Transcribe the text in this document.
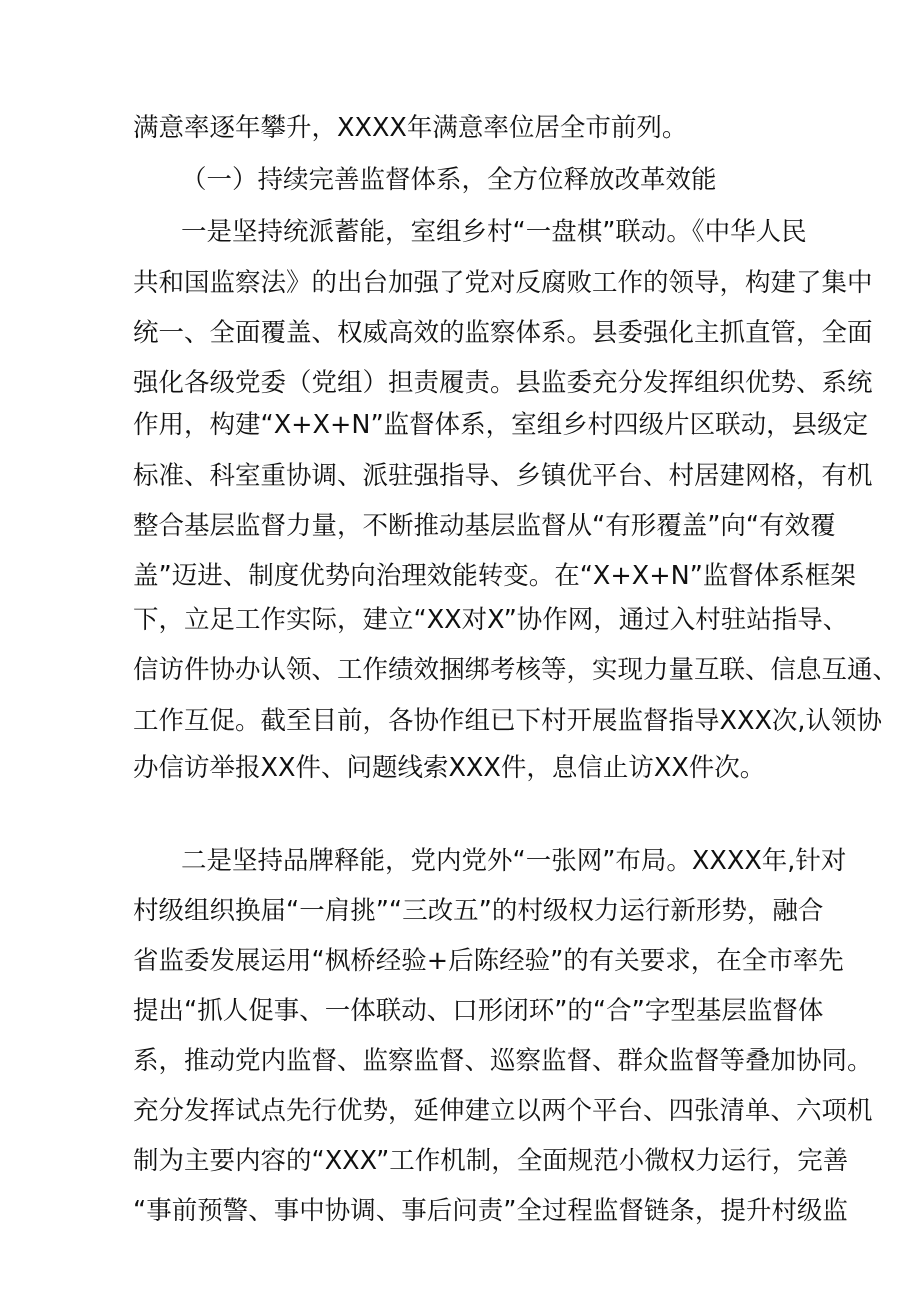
满意率逐年攀升，XXXX年满意率位居全市前列。
（一）持续完善监督体系，全方位释放改革效能
一是坚持统派蓄能，室组乡村“一盘棋”联动。《中华人民
共和国监察法》的出台加强了党对反腐败工作的领导，构建了集中
统一、全面覆盖、权威高效的监察体系。县委强化主抓直管，全面
强化各级党委（党组）担责履责。县监委充分发挥组织优势、系统
作用，构建“X+X+N”监督体系，室组乡村四级片区联动，县级定
标准、科室重协调、派驻强指导、乡镇优平台、村居建网格，有机
整合基层监督力量，不断推动基层监督从“有形覆盖”向“有效覆
盖”迈进、制度优势向治理效能转变。在“X+X+N”监督体系框架
下，立足工作实际，建立“XX对X”协作网，通过入村驻站指导、
信访件协办认领、工作绩效捆绑考核等，实现力量互联、信息互通、
工作互促。截至目前，各协作组已下村开展监督指导XXX次,认领协
办信访举报XX件、问题线索XXX件，息信止访XX件次。
二是坚持品牌释能，党内党外“一张网”布局。XXXX年,针对
村级组织换届“一肩挑”“三改五”的村级权力运行新形势，融合
省监委发展运用“枫桥经验+后陈经验”的有关要求，在全市率先
提出“抓人促事、一体联动、口形闭环”的“合”字型基层监督体
系，推动党内监督、监察监督、巡察监督、群众监督等叠加协同。
充分发挥试点先行优势，延伸建立以两个平台、四张清单、六项机
制为主要内容的“XXX”工作机制，全面规范小微权力运行，完善
“事前预警、事中协调、事后问责”全过程监督链条，提升村级监
